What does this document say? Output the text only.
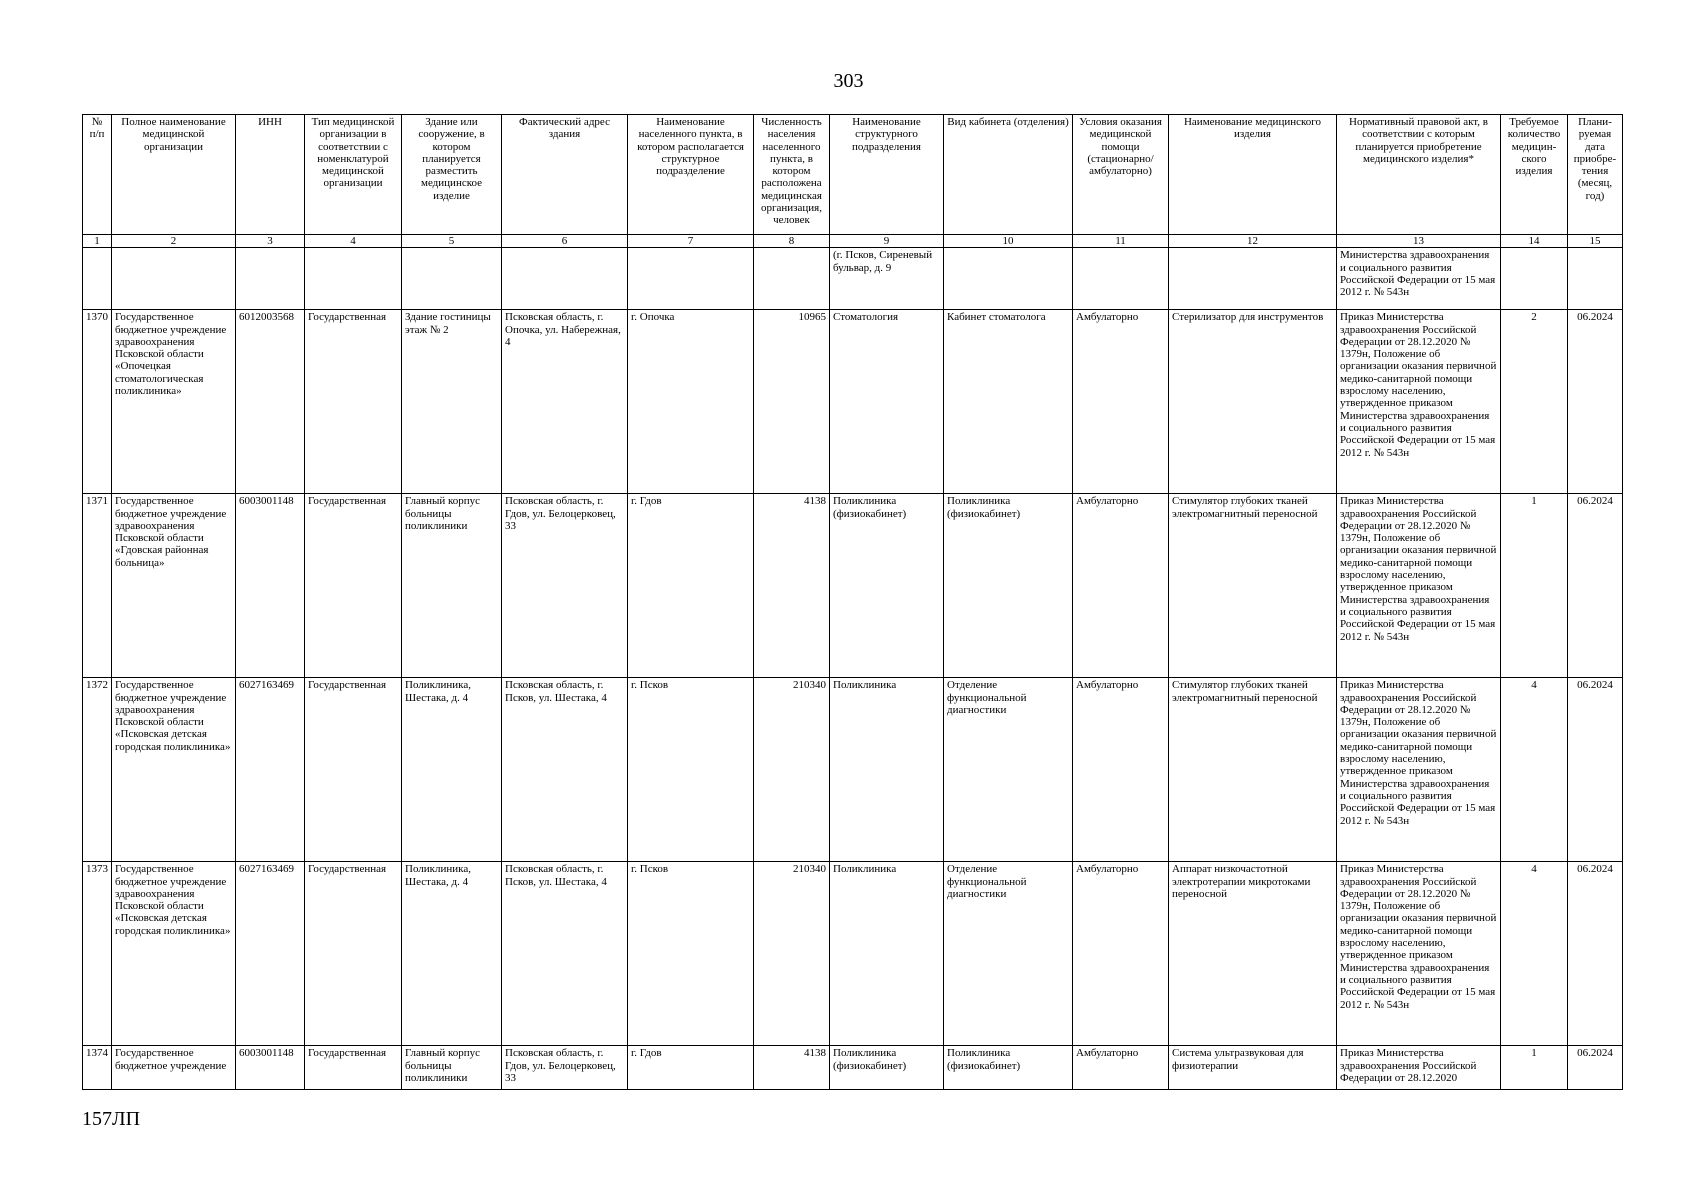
303
№ п/п	Полное наименование медицинской организации	ИНН	Тип медицинской организации в соответствии с номенклатурой медицинской организации	Здание или сооружение, в котором планируется разместить медицинское изделие	Фактический адрес здания	Наименование населенного пункта, в котором располагается структурное подразделение	Численность населения населенного пункта, в котором расположена медицинская организация, человек	Наименование структурного подразделения	Вид кабинета (отделения)	Условия оказания медицинской помощи (стационарно/ амбулаторно)	Наименование медицинского изделия	Нормативный правовой акт, в соответствии с которым планируется приобретение медицинского изделия*	Требуемое количество медицин-ского изделия	Плани-руемая дата приобре-тения (месяц, год)
1	2	3	4	5	6	7	8	9	10	11	12	13	14	15
								(г. Псков, Сиреневый бульвар, д. 9				Министерства здравоохранения и социального развития Российской Федерации от 15 мая 2012 г. № 543н		
1370	Государственное бюджетное учреждение здравоохранения Псковской области «Опочецкая стоматологическая поликлиника»	6012003568	Государственная	Здание гостиницы этаж № 2	Псковская область, г. Опочка, ул. Набережная, 4	г. Опочка	10965	Стоматология	Кабинет стоматолога	Амбулаторно	Стерилизатор для инструментов	Приказ Министерства здравоохранения Российской Федерации от 28.12.2020 № 1379н, Положение об организации оказания первичной медико-санитарной помощи взрослому населению, утвержденное приказом Министерства здравоохранения и социального развития Российской Федерации от 15 мая 2012 г. № 543н	2	06.2024
1371	Государственное бюджетное учреждение здравоохранения Псковской области «Гдовская районная больница»	6003001148	Государственная	Главный корпус больницы поликлиники	Псковская область, г. Гдов, ул. Белоцерковец, 33	г. Гдов	4138	Поликлиника (физиокабинет)	Поликлиника (физиокабинет)	Амбулаторно	Стимулятор глубоких тканей электромагнитный переносной	Приказ Министерства здравоохранения Российской Федерации от 28.12.2020 № 1379н, Положение об организации оказания первичной медико-санитарной помощи взрослому населению, утвержденное приказом Министерства здравоохранения и социального развития Российской Федерации от 15 мая 2012 г. № 543н	1	06.2024
1372	Государственное бюджетное учреждение здравоохранения Псковской области «Псковская детская городская поликлиника»	6027163469	Государственная	Поликлиника, Шестака, д. 4	Псковская область, г. Псков, ул. Шестака, 4	г. Псков	210340	Поликлиника	Отделение функциональной диагностики	Амбулаторно	Стимулятор глубоких тканей электромагнитный переносной	Приказ Министерства здравоохранения Российской Федерации от 28.12.2020 № 1379н, Положение об организации оказания первичной медико-санитарной помощи взрослому населению, утвержденное приказом Министерства здравоохранения и социального развития Российской Федерации от 15 мая 2012 г. № 543н	4	06.2024
1373	Государственное бюджетное учреждение здравоохранения Псковской области «Псковская детская городская поликлиника»	6027163469	Государственная	Поликлиника, Шестака, д. 4	Псковская область, г. Псков, ул. Шестака, 4	г. Псков	210340	Поликлиника	Отделение функциональной диагностики	Амбулаторно	Аппарат низкочастотной электротерапии микротоками переносной	Приказ Министерства здравоохранения Российской Федерации от 28.12.2020 № 1379н, Положение об организации оказания первичной медико-санитарной помощи взрослому населению, утвержденное приказом Министерства здравоохранения и социального развития Российской Федерации от 15 мая 2012 г. № 543н	4	06.2024
1374	Государственное бюджетное учреждение	6003001148	Государственная	Главный корпус больницы поликлиники	Псковская область, г. Гдов, ул. Белоцерковец, 33	г. Гдов	4138	Поликлиника (физиокабинет)	Поликлиника (физиокабинет)	Амбулаторно	Система ультразвуковая для физиотерапии	Приказ Министерства здравоохранения Российской Федерации от 28.12.2020	1	06.2024
157ЛП
